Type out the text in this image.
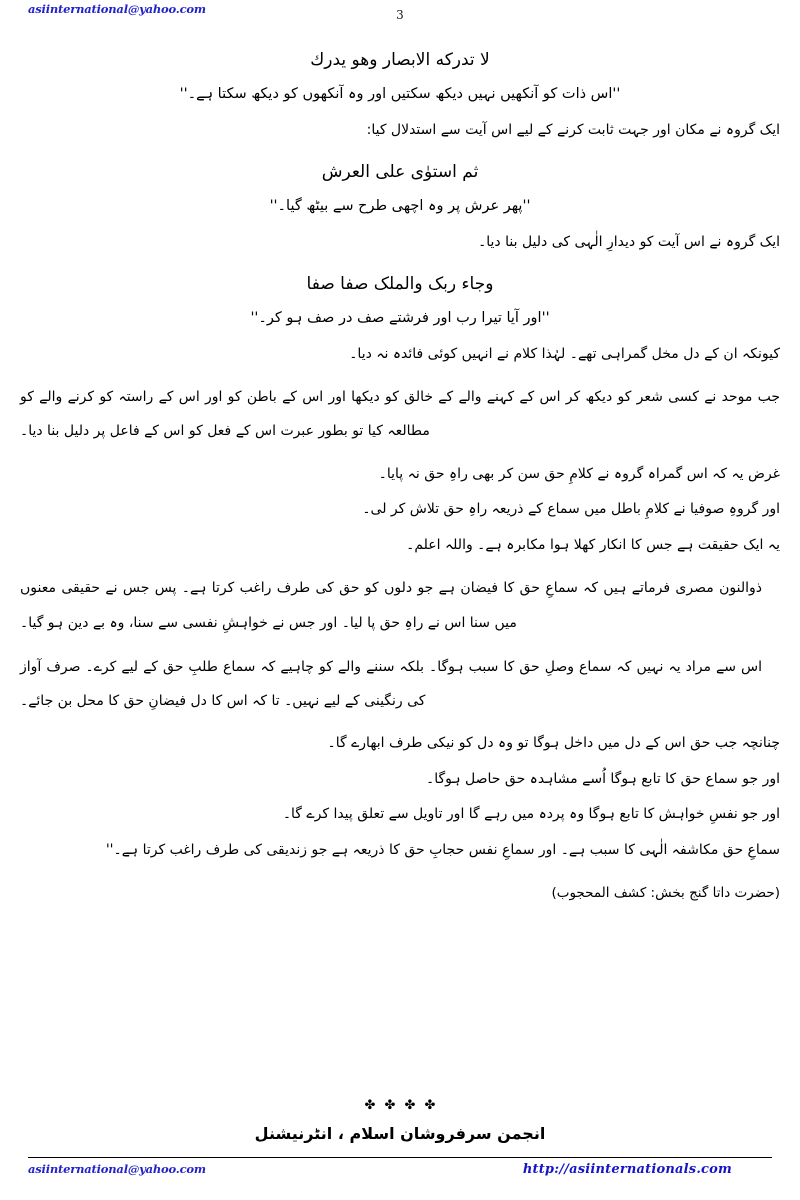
asiinternational@yahoo.com	3
لا تدركه الابصار وهو يدرك
''اس ذات کو آنکھیں نہیں دیکھ سکتیں اور وہ آنکھوں کو دیکھ سکتا ہے۔''
ایک گروہ نے مکان اور جہت ثابت کرنے کے لیے اس آیت سے استدلال کیا:
ثم استوٰی علی العرش
''پھر عرش پر وہ اچھی طرح سے بیٹھ گیا۔''
ایک گروہ نے اس آیت کو دیدارِ الٰہی کی دلیل بنا دیا۔
وجاء ربک والملک صفا صفا
''اور آیا تیرا رب اور فرشتے صف در صف ہو کر۔''
کیونکہ ان کے دل مخل گمراہی تھے۔ لہٰذا کلام نے انہیں کوئی فائدہ نہ دیا۔
جب موحد نے کسی شعر کو دیکھ کر اس کے کہنے والے کے خالق کو دیکھا اور اس کے باطن کو اور اس کے راستہ کو کرنے والے کو مطالعہ کیا تو بطور عبرت اس کے فعل کو اس کے فاعل پر دلیل بنا دیا۔
غرض یہ کہ اس گمراہ گروہ نے کلامِ حق سن کر بھی راہِ حق نہ پایا۔
اور گروہِ صوفیا نے کلامِ باطل میں سماع کے ذریعہ راہِ حق تلاش کر لی۔
یہ ایک حقیقت ہے جس کا انکار کھلا ہوا مکابرہ ہے۔ واللہ اعلم۔
ذوالنون مصری فرماتے ہیں کہ سماعِ حق کا فیضان ہے جو دلوں کو حق کی طرف راغب کرتا ہے۔ پس جس نے حقیقی معنوں میں سنا اس نے راہِ حق پا لیا۔ اور جس نے خواہشِ نفسی سے سنا، وہ بے دین ہو گیا۔
اس سے مراد یہ نہیں کہ سماع وصلِ حق کا سبب ہوگا۔ بلکہ سننے والے کو چاہیے کہ سماع طلبِ حق کے لیے کرے۔ صرف آواز کی رنگینی کے لیے نہیں۔ تا کہ اس کا دل فیضانِ حق کا محل بن جائے۔
چنانچہ جب حق اس کے دل میں داخل ہوگا تو وہ دل کو نیکی طرف ابھارے گا۔
اور جو سماع حق کا تابع ہوگا اُسے مشاہدہ حق حاصل ہوگا۔
اور جو نفسِ خواہش کا تابع ہوگا وہ پردہ میں رہے گا اور تاویل سے تعلق پیدا کرے گا۔
سماعِ حق مکاشفہ الٰہی کا سبب ہے۔ اور سماعِ نفس حجابِ حق کا ذریعہ ہے جو زندیقی کی طرف راغب کرتا ہے۔''
(حضرت داتا گنج بخش: کشف المحجوب)
✤ ✤ ✤ ✤
انجمن سرفروشان اسلام ، انٹرنیشنل
asiinternational@yahoo.com	http://asiinternationals.com
